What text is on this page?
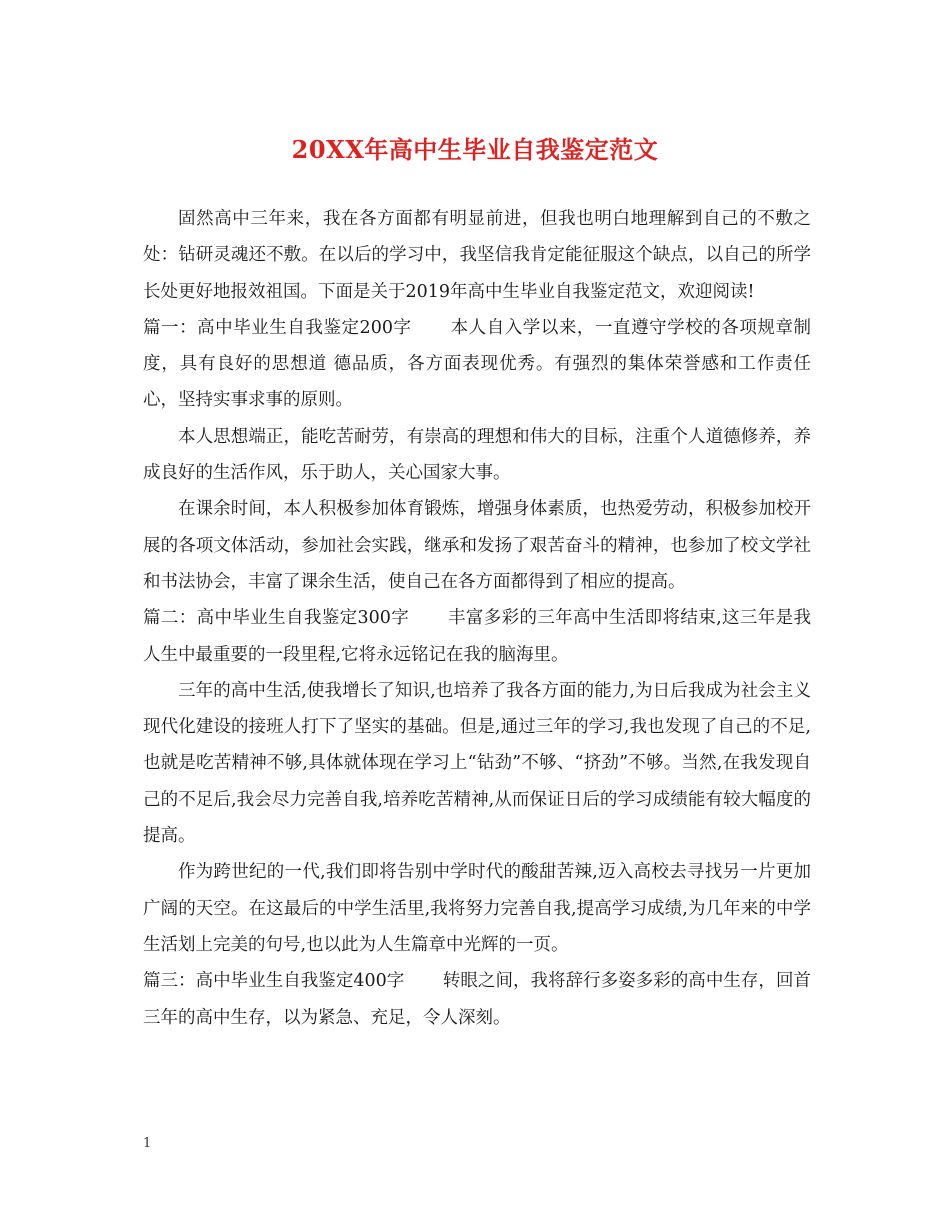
20XX年高中生毕业自我鉴定范文

固然高中三年来，我在各方面都有明显前进，但我也明白地理解到自己的不敷之处：钻研灵魂还不敷。在以后的学习中，我坚信我肯定能征服这个缺点，以自己的所学长处更好地报效祖国。下面是关于2019年高中生毕业自我鉴定范文，欢迎阅读!

篇一：高中毕业生自我鉴定200字 本人自入学以来，一直遵守学校的各项规章制度，具有良好的思想道 德品质，各方面表现优秀。有强烈的集体荣誉感和工作责任心，坚持实事求事的原则。

本人思想端正，能吃苦耐劳，有崇高的理想和伟大的目标，注重个人道德修养，养成良好的生活作风，乐于助人，关心国家大事。

在课余时间，本人积极参加体育锻炼，增强身体素质，也热爱劳动，积极参加校开展的各项文体活动，参加社会实践，继承和发扬了艰苦奋斗的精神，也参加了校文学社和书法协会，丰富了课余生活，使自己在各方面都得到了相应的提高。

篇二：高中毕业生自我鉴定300字 丰富多彩的三年高中生活即将结束,这三年是我人生中最重要的一段里程,它将永远铭记在我的脑海里。

三年的高中生活,使我增长了知识,也培养了我各方面的能力,为日后我成为社会主义现代化建设的接班人打下了坚实的基础。但是,通过三年的学习,我也发现了自己的不足,也就是吃苦精神不够,具体就体现在学习上“钻劲”不够、“挤劲”不够。当然,在我发现自己的不足后,我会尽力完善自我,培养吃苦精神,从而保证日后的学习成绩能有较大幅度的提高。

作为跨世纪的一代,我们即将告别中学时代的酸甜苦辣,迈入高校去寻找另一片更加广阔的天空。在这最后的中学生活里,我将努力完善自我,提高学习成绩,为几年来的中学生活划上完美的句号,也以此为人生篇章中光辉的一页。

篇三：高中毕业生自我鉴定400字 转眼之间，我将辞行多姿多彩的高中生存，回首三年的高中生存，以为紧急、充足，令人深刻。

1
